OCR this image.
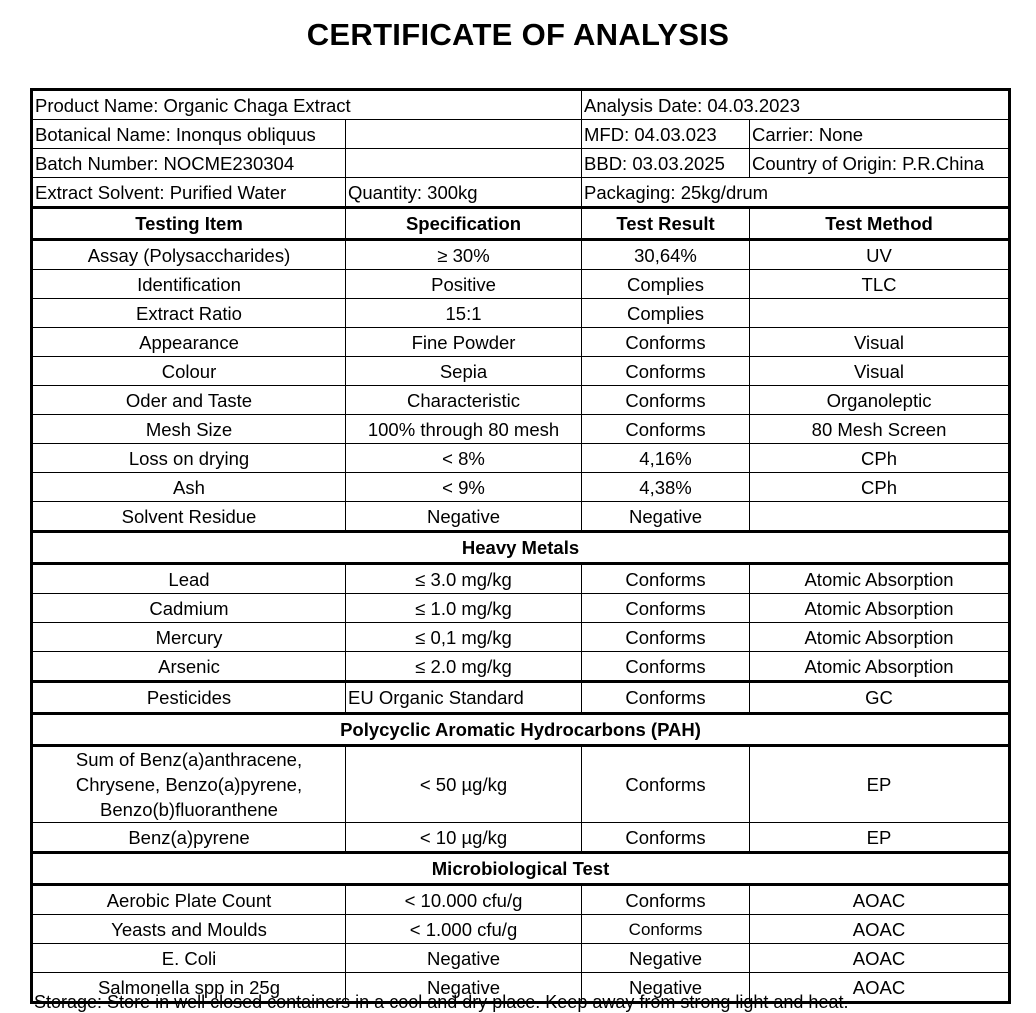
CERTIFICATE OF ANALYSIS
Product Name: Organic Chaga Extract		Analysis Date: 04.03.2023	
Botanical Name: Inonqus obliquus		MFD: 04.03.023	Carrier: None
Batch Number: NOCME230304		BBD: 03.03.2025	Country of Origin: P.R.China
Extract Solvent: Purified Water	Quantity: 300kg	Packaging: 25kg/drum	
Testing Item	Specification	Test Result	Test Method
Assay (Polysaccharides)	≥ 30%	30,64%	UV
Identification	Positive	Complies	TLC
Extract Ratio	15:1	Complies	
Appearance	Fine Powder	Conforms	Visual
Colour	Sepia	Conforms	Visual
Oder and Taste	Characteristic	Conforms	Organoleptic
Mesh Size	100% through 80 mesh	Conforms	80 Mesh Screen
Loss on drying	< 8%	4,16%	CPh
Ash	< 9%	4,38%	CPh
Solvent Residue	Negative	Negative	
Heavy Metals			
Lead	≤ 3.0 mg/kg	Conforms	Atomic Absorption
Cadmium	≤ 1.0 mg/kg	Conforms	Atomic Absorption
Mercury	≤ 0,1 mg/kg	Conforms	Atomic Absorption
Arsenic	≤ 2.0 mg/kg	Conforms	Atomic Absorption
Pesticides	EU Organic Standard	Conforms	GC
Polycyclic Aromatic Hydrocarbons (PAH)			
Sum of Benz(a)anthracene, Chrysene, Benzo(a)pyrene, Benzo(b)fluoranthene	< 50 µg/kg	Conforms	EP
Benz(a)pyrene	< 10 µg/kg	Conforms	EP
Microbiological Test			
Aerobic Plate Count	< 10.000 cfu/g	Conforms	AOAC
Yeasts and Moulds	< 1.000 cfu/g	Conforms	AOAC
E. Coli	Negative	Negative	AOAC
Salmonella spp in 25g	Negative	Negative	AOAC
Storage: Store in well closed containers in a cool and dry place. Keep away from strong light and heat.
